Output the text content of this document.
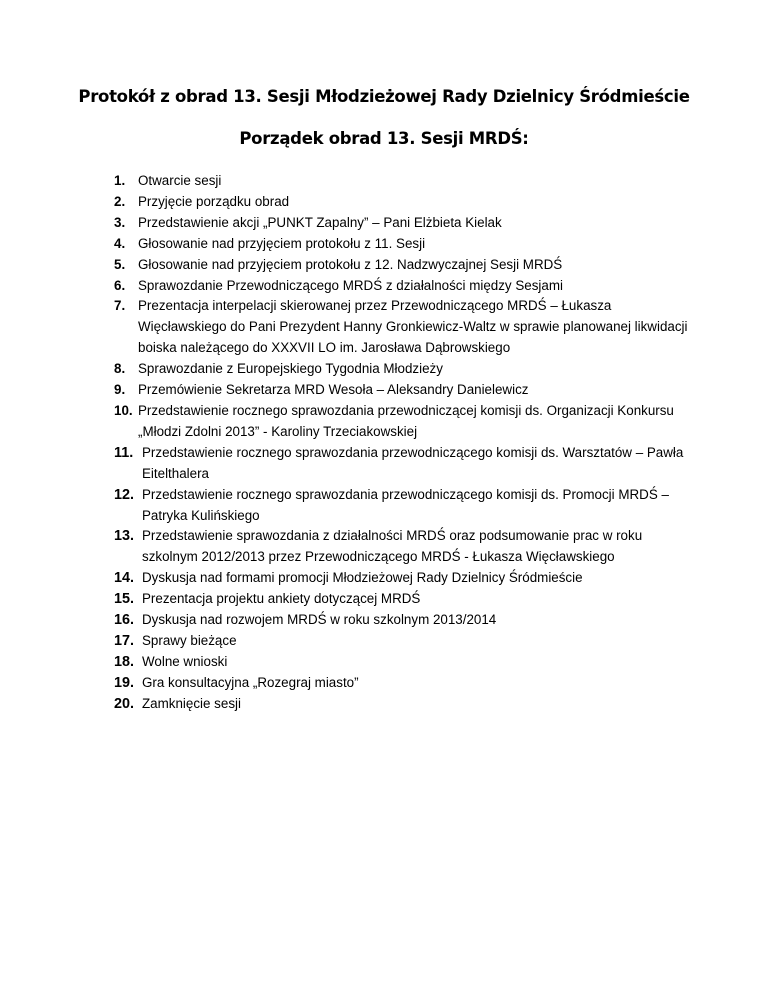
Protokół z obrad 13. Sesji Młodzieżowej Rady Dzielnicy Śródmieście
Porządek obrad 13. Sesji MRDŚ:
1. Otwarcie sesji
2. Przyjęcie porządku obrad
3. Przedstawienie akcji „PUNKT Zapalny” – Pani Elżbieta Kielak
4. Głosowanie nad przyjęciem protokołu z 11. Sesji
5. Głosowanie nad przyjęciem protokołu z 12. Nadzwyczajnej Sesji MRDŚ
6. Sprawozdanie Przewodniczącego MRDŚ z działalności między Sesjami
7. Prezentacja interpelacji skierowanej przez Przewodniczącego MRDŚ – Łukasza Więcławskiego do Pani Prezydent Hanny Gronkiewicz-Waltz w sprawie planowanej likwidacji boiska należącego do XXXVII LO im. Jarosława Dąbrowskiego
8. Sprawozdanie z Europejskiego Tygodnia Młodzieży
9. Przemówienie Sekretarza MRD Wesoła – Aleksandry Danielewicz
10. Przedstawienie rocznego sprawozdania przewodniczącej komisji ds. Organizacji Konkursu „Młodzi Zdolni 2013” - Karoliny Trzeciakowskiej
11. Przedstawienie rocznego sprawozdania przewodniczącego komisji ds. Warsztatów – Pawła Eitelthalera
12. Przedstawienie rocznego sprawozdania przewodniczącego komisji ds. Promocji MRDŚ – Patryka Kulińskiego
13. Przedstawienie sprawozdania z działalności MRDŚ oraz podsumowanie prac w roku szkolnym 2012/2013 przez Przewodniczącego MRDŚ - Łukasza Więcławskiego
14. Dyskusja nad formami promocji Młodzieżowej Rady Dzielnicy Śródmieście
15. Prezentacja projektu ankiety dotyczącej MRDŚ
16. Dyskusja nad rozwojem MRDŚ w roku szkolnym 2013/2014
17. Sprawy bieżące
18. Wolne wnioski
19. Gra konsultacyjna „Rozegraj miasto”
20. Zamknięcie sesji
